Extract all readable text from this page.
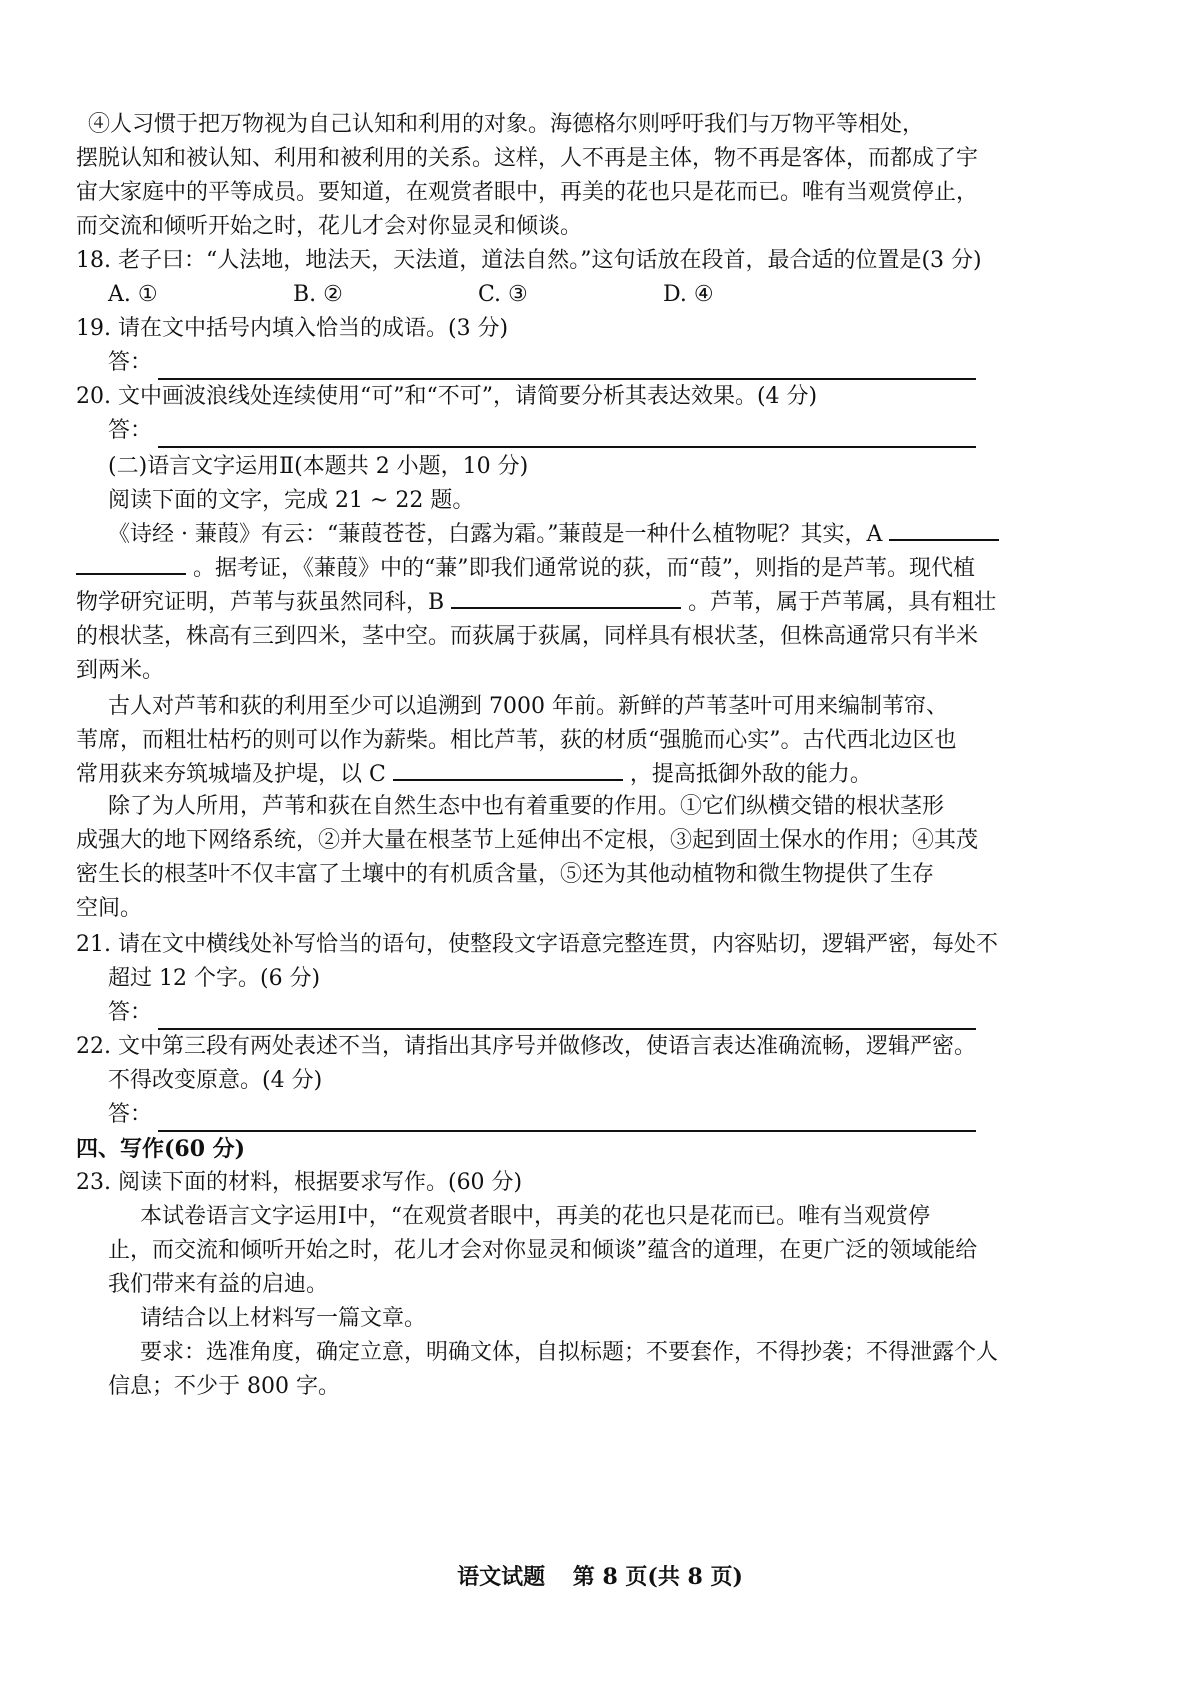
④人习惯于把万物视为自己认知和利用的对象。海德格尔则呼吁我们与万物平等相处，
摆脱认知和被认知、利用和被利用的关系。这样，人不再是主体，物不再是客体，而都成了宇
宙大家庭中的平等成员。要知道，在观赏者眼中，再美的花也只是花而已。唯有当观赏停止，
而交流和倾听开始之时，花儿才会对你显灵和倾谈。
18. 老子曰：“人法地，地法天，天法道，道法自然。”这句话放在段首，最合适的位置是(3 分)
A. ①	B. ②	C. ③	D. ④
19. 请在文中括号内填入恰当的成语。(3 分)
答：
20. 文中画波浪线处连续使用“可”和“不可”，请简要分析其表达效果。(4 分)
答：
(二)语言文字运用Ⅱ(本题共 2 小题，10 分)
阅读下面的文字，完成 21 ~ 22 题。
《诗经 · 蒹葭》有云：“蒹葭苍苍，白露为霜。”蒹葭是一种什么植物呢？其实，A
。据考证，《蒹葭》中的“蒹”即我们通常说的荻，而“葭”，则指的是芦苇。现代植
物学研究证明，芦苇与荻虽然同科，B	。芦苇，属于芦苇属，具有粗壮
的根状茎，株高有三到四米，茎中空。而荻属于荻属，同样具有根状茎，但株高通常只有半米
到两米。
古人对芦苇和荻的利用至少可以追溯到 7000 年前。新鲜的芦苇茎叶可用来编制苇帘、
苇席，而粗壮枯朽的则可以作为薪柴。相比芦苇，荻的材质“强脆而心实”。古代西北边区也
常用荻来夯筑城墙及护堤，以 C	，提高抵御外敌的能力。
除了为人所用，芦苇和荻在自然生态中也有着重要的作用。①它们纵横交错的根状茎形
成强大的地下网络系统，②并大量在根茎节上延伸出不定根，③起到固土保水的作用；④其茂
密生长的根茎叶不仅丰富了土壤中的有机质含量，⑤还为其他动植物和微生物提供了生存
空间。
21. 请在文中横线处补写恰当的语句，使整段文字语意完整连贯，内容贴切，逻辑严密，每处不
超过 12 个字。(6 分)
答：
22. 文中第三段有两处表述不当，请指出其序号并做修改，使语言表达准确流畅，逻辑严密。
不得改变原意。(4 分)
答：
四、写作(60 分)
23. 阅读下面的材料，根据要求写作。(60 分)
本试卷语言文字运用Ⅰ中，“在观赏者眼中，再美的花也只是花而已。唯有当观赏停
止，而交流和倾听开始之时，花儿才会对你显灵和倾谈”蕴含的道理，在更广泛的领域能给
我们带来有益的启迪。
请结合以上材料写一篇文章。
要求：选准角度，确定立意，明确文体，自拟标题；不要套作，不得抄袭；不得泄露个人
信息；不少于 800 字。
语文试题 第 8 页(共 8 页)
